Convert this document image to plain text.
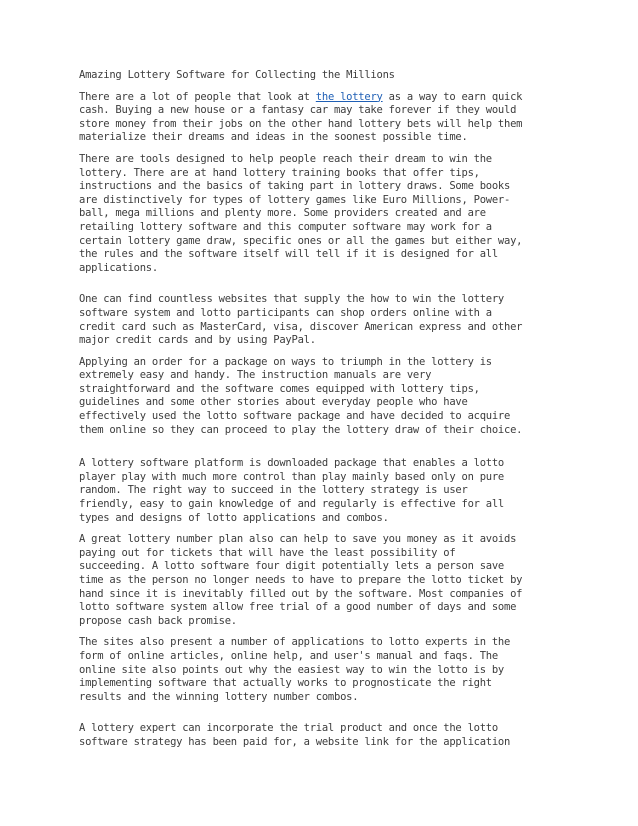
Amazing Lottery Software for Collecting the Millions

There are a lot of people that look at the lottery as a way to earn quick
cash. Buying a new house or a fantasy car may take forever if they would
store money from their jobs on the other hand lottery bets will help them
materialize their dreams and ideas in the soonest possible time.

There are tools designed to help people reach their dream to win the
lottery. There are at hand lottery training books that offer tips,
instructions and the basics of taking part in lottery draws. Some books
are distinctively for types of lottery games like Euro Millions, Power-
ball, mega millions and plenty more. Some providers created and are
retailing lottery software and this computer software may work for a
certain lottery game draw, specific ones or all the games but either way,
the rules and the software itself will tell if it is designed for all
applications.

One can find countless websites that supply the how to win the lottery
software system and lotto participants can shop orders online with a
credit card such as MasterCard, visa, discover American express and other
major credit cards and by using PayPal.

Applying an order for a package on ways to triumph in the lottery is
extremely easy and handy. The instruction manuals are very
straightforward and the software comes equipped with lottery tips,
guidelines and some other stories about everyday people who have
effectively used the lotto software package and have decided to acquire
them online so they can proceed to play the lottery draw of their choice.

A lottery software platform is downloaded package that enables a lotto
player play with much more control than play mainly based only on pure
random. The right way to succeed in the lottery strategy is user
friendly, easy to gain knowledge of and regularly is effective for all
types and designs of lotto applications and combos.

A great lottery number plan also can help to save you money as it avoids
paying out for tickets that will have the least possibility of
succeeding. A lotto software four digit potentially lets a person save
time as the person no longer needs to have to prepare the lotto ticket by
hand since it is inevitably filled out by the software. Most companies of
lotto software system allow free trial of a good number of days and some
propose cash back promise.

The sites also present a number of applications to lotto experts in the
form of online articles, online help, and user's manual and faqs. The
online site also points out why the easiest way to win the lotto is by
implementing software that actually works to prognosticate the right
results and the winning lottery number combos.

A lottery expert can incorporate the trial product and once the lotto
software strategy has been paid for, a website link for the application
